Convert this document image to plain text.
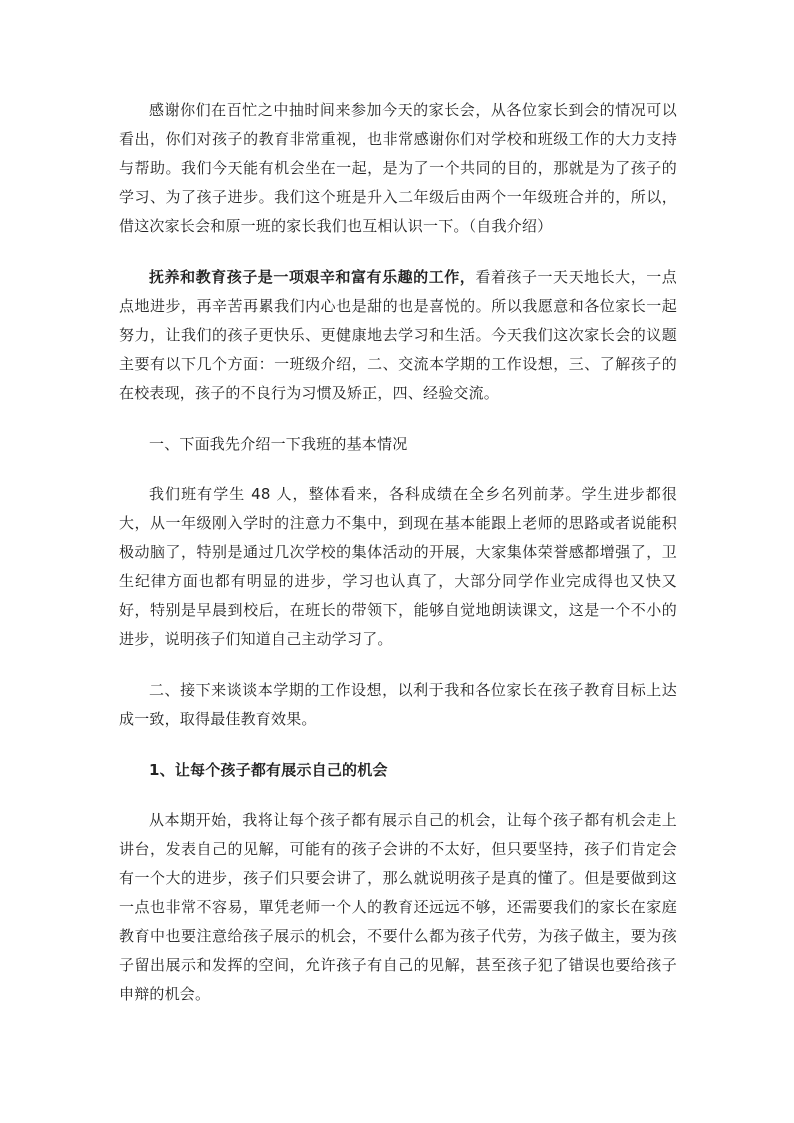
感谢你们在百忙之中抽时间来参加今天的家长会，从各位家长到会的情况可以看出，你们对孩子的教育非常重视，也非常感谢你们对学校和班级工作的大力支持与帮助。我们今天能有机会坐在一起，是为了一个共同的目的，那就是为了孩子的学习、为了孩子进步。我们这个班是升入二年级后由两个一年级班合并的，所以，借这次家长会和原一班的家长我们也互相认识一下。（自我介绍）

抚养和教育孩子是一项艰辛和富有乐趣的工作，看着孩子一天天地长大，一点点地进步，再辛苦再累我们内心也是甜的也是喜悦的。所以我愿意和各位家长一起努力，让我们的孩子更快乐、更健康地去学习和生活。今天我们这次家长会的议题主要有以下几个方面：一班级介绍，二、交流本学期的工作设想，三、了解孩子的在校表现，孩子的不良行为习惯及矫正，四、经验交流。

一、下面我先介绍一下我班的基本情况

我们班有学生 48 人，整体看来，各科成绩在全乡名列前茅。学生进步都很大，从一年级刚入学时的注意力不集中，到现在基本能跟上老师的思路或者说能积极动脑了，特别是通过几次学校的集体活动的开展，大家集体荣誉感都增强了，卫生纪律方面也都有明显的进步，学习也认真了，大部分同学作业完成得也又快又好，特别是早晨到校后，在班长的带领下，能够自觉地朗读课文，这是一个不小的进步，说明孩子们知道自己主动学习了。

二、接下来谈谈本学期的工作设想，以利于我和各位家长在孩子教育目标上达成一致，取得最佳教育效果。

1、让每个孩子都有展示自己的机会

从本期开始，我将让每个孩子都有展示自己的机会，让每个孩子都有机会走上讲台，发表自己的见解，可能有的孩子会讲的不太好，但只要坚持，孩子们肯定会有一个大的进步，孩子们只要会讲了，那么就说明孩子是真的懂了。但是要做到这一点也非常不容易，單凭老师一个人的教育还远远不够，还需要我们的家长在家庭教育中也要注意给孩子展示的机会，不要什么都为孩子代劳，为孩子做主，要为孩子留出展示和发挥的空间，允许孩子有自己的见解，甚至孩子犯了错误也要给孩子申辩的机会。
